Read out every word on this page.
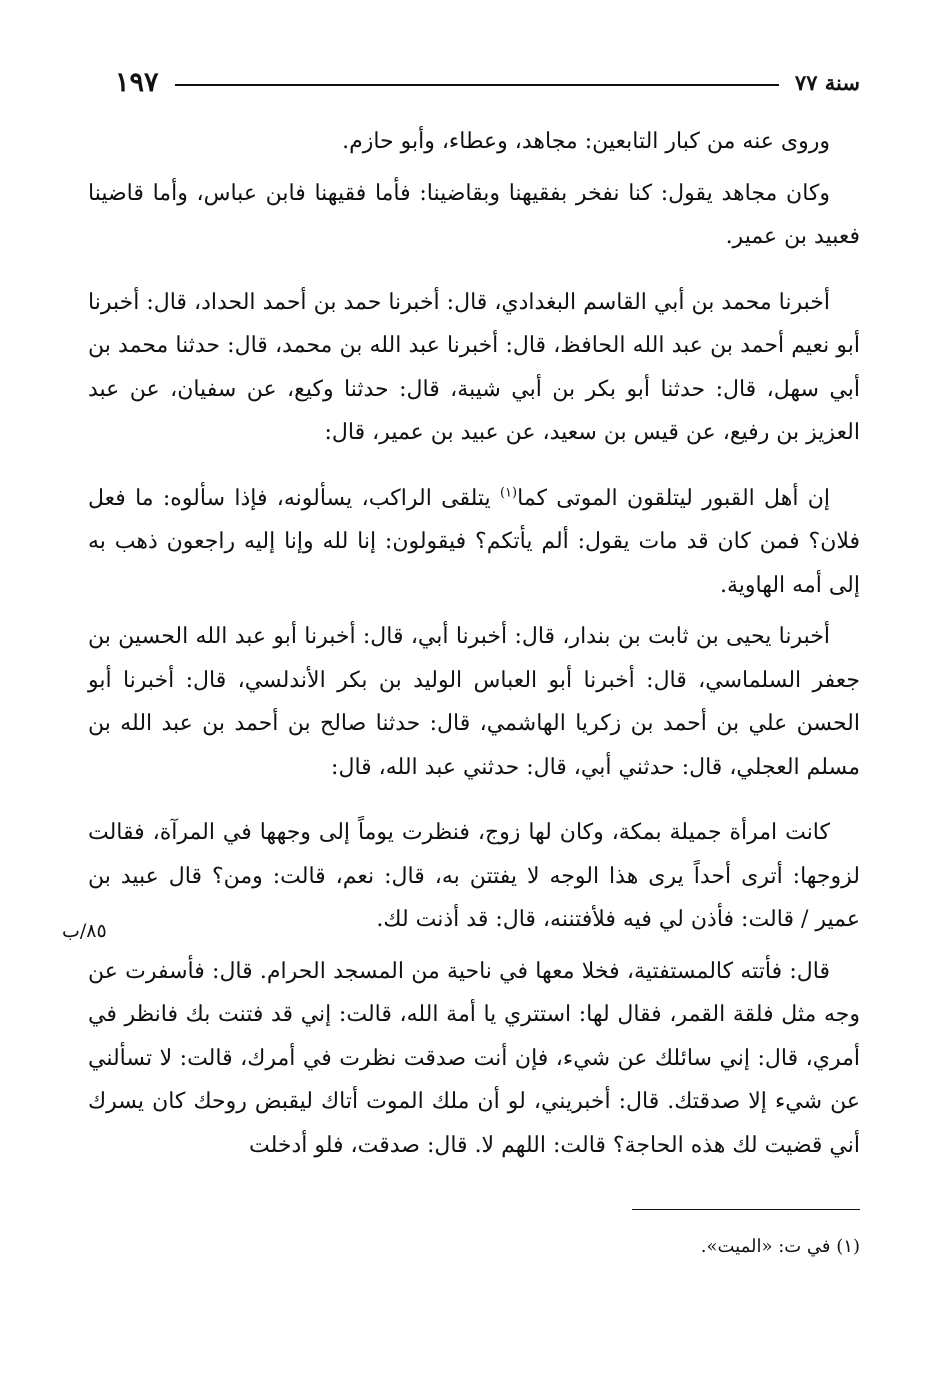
سنة ٧٧
١٩٧

وروى عنه من كبار التابعين: مجاهد، وعطاء، وأبو حازم.

وكان مجاهد يقول: كنا نفخر بفقيهنا وبقاضينا: فأما فقيهنا فابن عباس، وأما قاضينا فعبيد بن عمير.

أخبرنا محمد بن أبي القاسم البغدادي، قال: أخبرنا حمد بن أحمد الحداد، قال: أخبرنا أبو نعيم أحمد بن عبد الله الحافظ، قال: أخبرنا عبد الله بن محمد، قال: حدثنا محمد بن أبي سهل، قال: حدثنا أبو بكر بن أبي شيبة، قال: حدثنا وكيع، عن سفيان، عن عبد العزيز بن رفيع، عن قيس بن سعيد، عن عبيد بن عمير، قال:

إن أهل القبور ليتلقون الموتى كما$^{(١)}$ يتلقى الراكب، يسألونه، فإذا سألوه: ما فعل فلان؟ فمن كان قد مات يقول: ألم يأتكم؟ فيقولون: إنا لله وإنا إليه راجعون ذهب به إلى أمه الهاوية.

أخبرنا يحيى بن ثابت بن بندار، قال: أخبرنا أبي، قال: أخبرنا أبو عبد الله الحسين بن جعفر السلماسي، قال: أخبرنا أبو العباس الوليد بن بكر الأندلسي، قال: أخبرنا أبو الحسن علي بن أحمد بن زكريا الهاشمي، قال: حدثنا صالح بن أحمد بن عبد الله بن مسلم العجلي، قال: حدثني أبي، قال: حدثني عبد الله، قال:

كانت امرأة جميلة بمكة، وكان لها زوج، فنظرت يوماً إلى وجهها في المرآة، فقالت لزوجها: أترى أحداً يرى هذا الوجه لا يفتتن به، قال: نعم، قالت: ومن؟ قال عبيد بن عمير / قالت: فأذن لي فيه فلأفتننه، قال: قد أذنت لك.

قال: فأتته كالمستفتية، فخلا معها في ناحية من المسجد الحرام. قال: فأسفرت عن وجه مثل فلقة القمر، فقال لها: استتري يا أمة الله، قالت: إني قد فتنت بك فانظر في أمري، قال: إني سائلك عن شيء، فإن أنت صدقت نظرت في أمرك، قالت: لا تسألني عن شيء إلا صدقتك. قال: أخبريني، لو أن ملك الموت أتاك ليقبض روحك كان يسرك أني قضيت لك هذه الحاجة؟ قالت: اللهم لا. قال: صدقت، فلو أدخلت

٨٥/ب
(١) في ت: «الميت».
